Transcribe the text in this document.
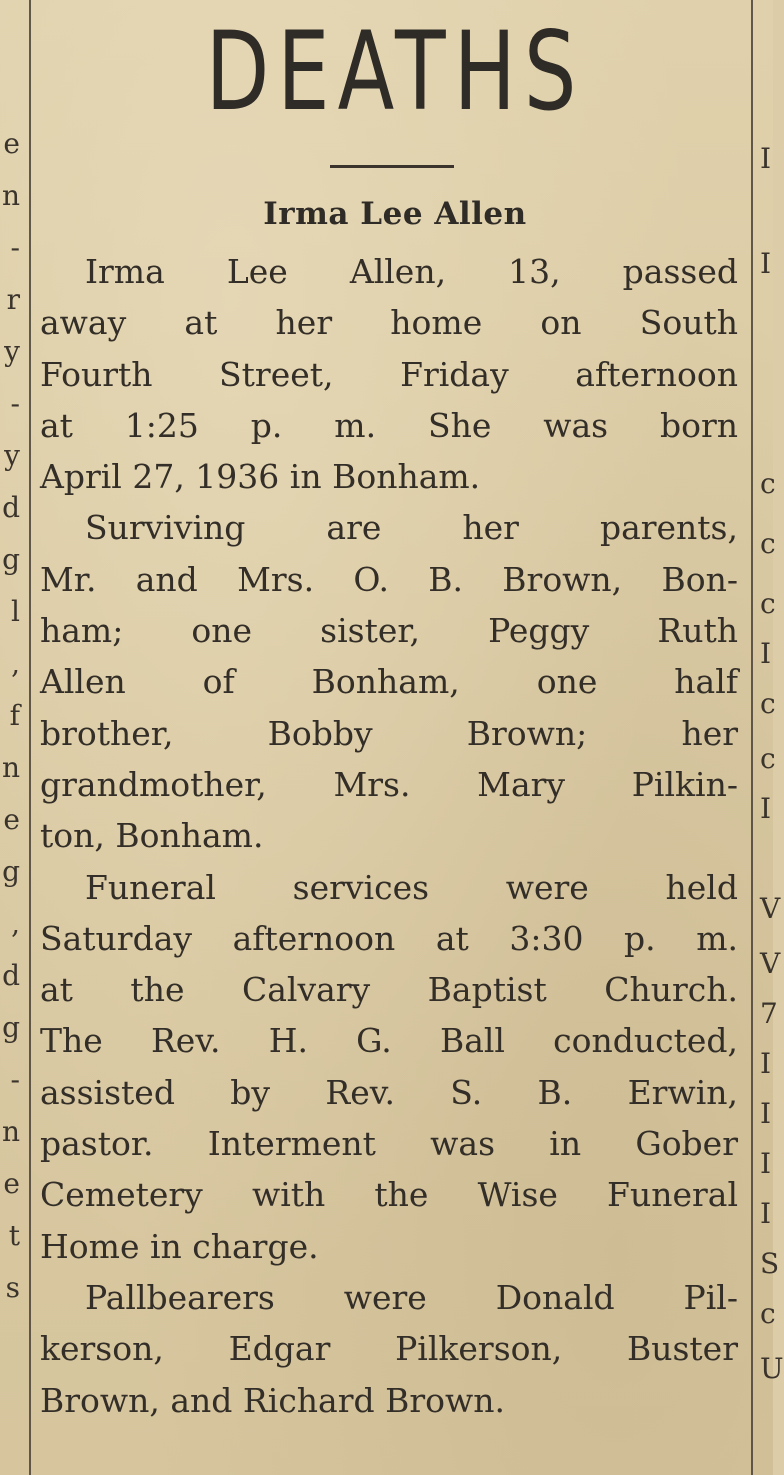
e
n
-
r
y
-
y
d
g
l
,
f
n
e
g
,
d
g
-
n
e
t
s
I
I
c
c
c
I
c
c
I
V
V
7
I
I
I
I
S
c
U
DEATHS
Irma Lee Allen
Irma Lee Allen, 13, passed
away at her home on South
Fourth Street, Friday afternoon
at 1:25 p. m. She was born
April 27, 1936 in Bonham.
Surviving are her parents,
Mr. and Mrs. O. B. Brown, Bon-
ham; one sister, Peggy Ruth
Allen of Bonham, one half
brother, Bobby Brown; her
grandmother, Mrs. Mary Pilkin-
ton, Bonham.
Funeral services were held
Saturday afternoon at 3:30 p. m.
at the Calvary Baptist Church.
The Rev. H. G. Ball conducted,
assisted by Rev. S. B. Erwin,
pastor. Interment was in Gober
Cemetery with the Wise Funeral
Home in charge.
Pallbearers were Donald Pil-
kerson, Edgar Pilkerson, Buster
Brown, and Richard Brown.
